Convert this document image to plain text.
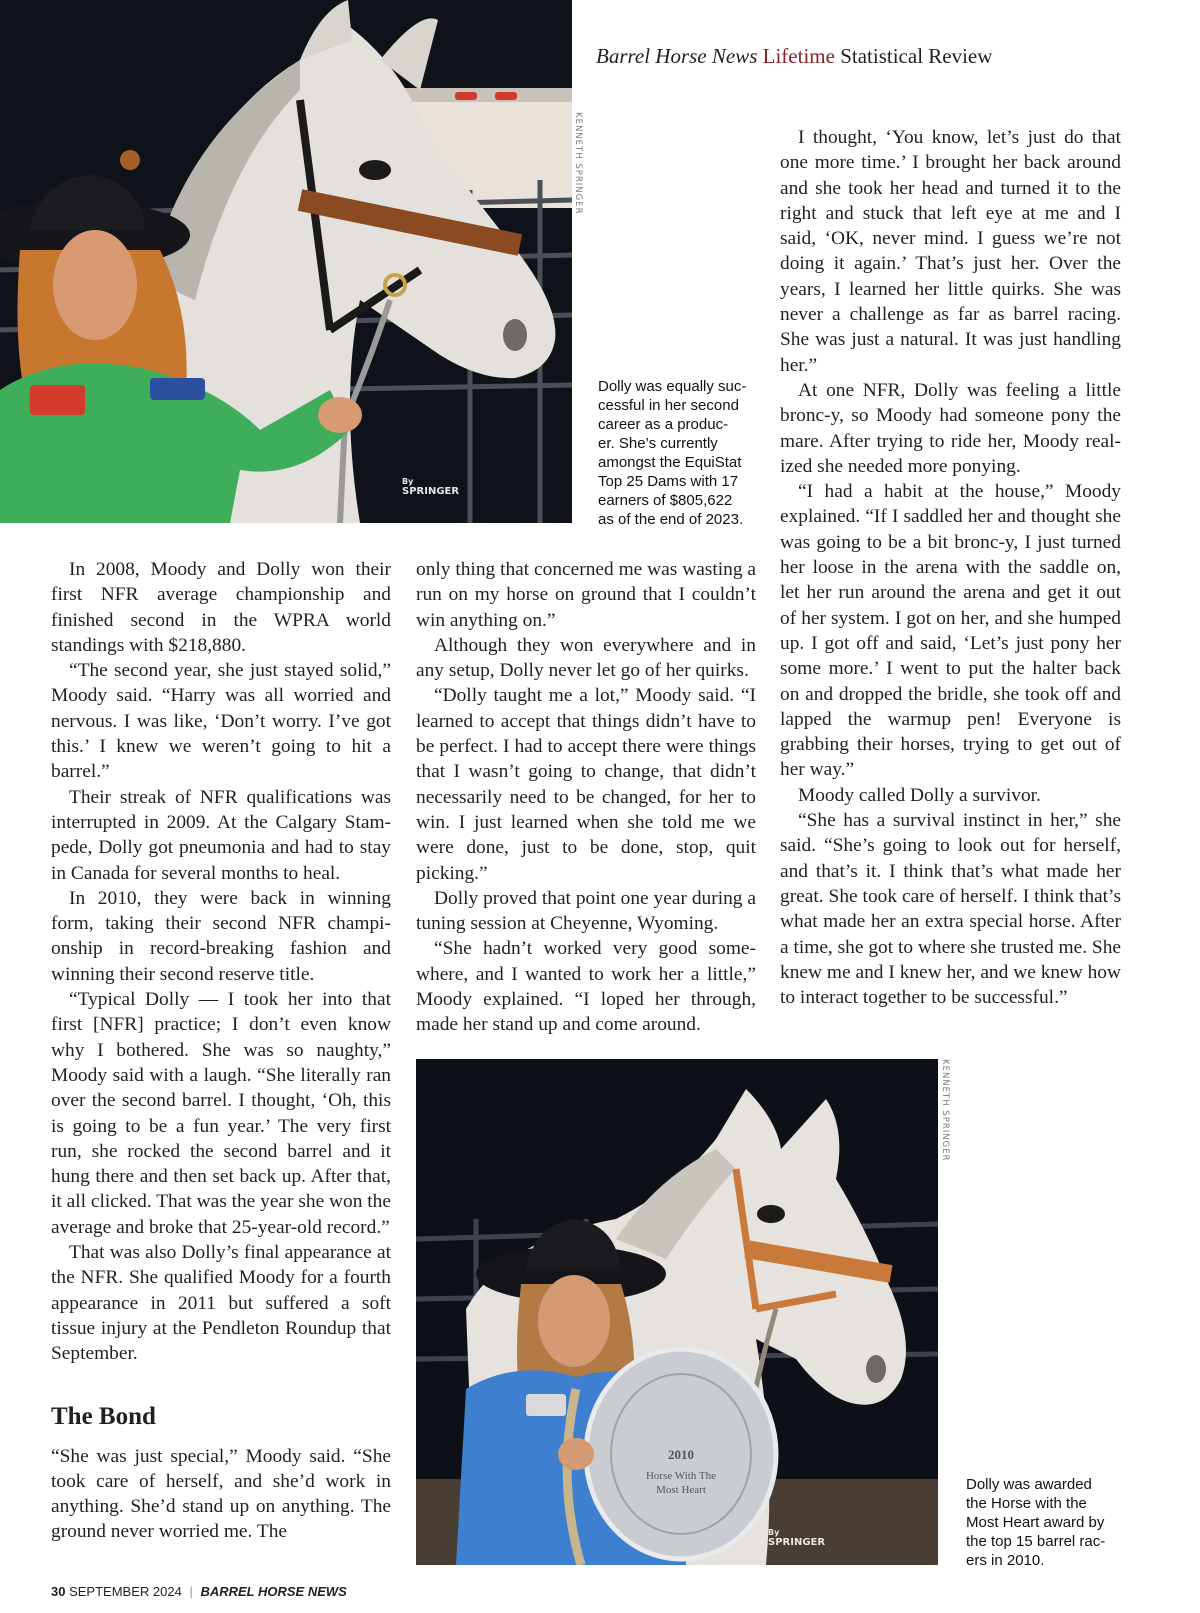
Barrel Horse News Lifetime Statistical Review
KENNETH SPRINGER
By
SPRINGER
Dolly was equally suc-
cessful in her second
career as a produc-
er. She’s currently
amongst the EquiStat
Top 25 Dams with 17
earners of $805,622
as of the end of 2023.

In 2008, Moody and Dolly won their first NFR average championship and finished second in the WPRA world standings with $218,880.

“The second year, she just stayed solid,” Moody said. “Harry was all worried and nervous. I was like, ‘Don’t worry. I’ve got this.’ I knew we weren’t going to hit a barrel.”

Their streak of NFR qualifications was interrupted in 2009. At the Calgary Stampede, Dolly got pneumonia and had to stay in Canada for several months to heal.

In 2010, they were back in winning form, taking their second NFR championship in record-breaking fashion and winning their second reserve title.

“Typical Dolly — I took her into that first [NFR] practice; I don’t even know why I bothered. She was so naughty,” Moody said with a laugh. “She literally ran over the second barrel. I thought, ‘Oh, this is going to be a fun year.’ The very first run, she rocked the second barrel and it hung there and then set back up. After that, it all clicked. That was the year she won the average and broke that 25-year-old record.”

That was also Dolly’s final appearance at the NFR. She qualified Moody for a fourth appearance in 2011 but suffered a soft tissue injury at the Pendleton Roundup that September.

The Bond

“She was just special,” Moody said. “She took care of herself, and she’d work in anything. She’d stand up on anything. The ground never worried me. The

only thing that concerned me was wasting a run on my horse on ground that I couldn’t win anything on.”

Although they won everywhere and in any setup, Dolly never let go of her quirks.

“Dolly taught me a lot,” Moody said. “I learned to accept that things didn’t have to be perfect. I had to accept there were things that I wasn’t going to change, that didn’t necessarily need to be changed, for her to win. I just learned when she told me we were done, just to be done, stop, quit picking.”

Dolly proved that point one year during a tuning session at Cheyenne, Wyoming.

“She hadn’t worked very good somewhere, and I wanted to work her a little,” Moody explained. “I loped her through, made her stand up and come around.

I thought, ‘You know, let’s just do that one more time.’ I brought her back around and she took her head and turned it to the right and stuck that left eye at me and I said, ‘OK, never mind. I guess we’re not doing it again.’ That’s just her. Over the years, I learned her little quirks. She was never a challenge as far as barrel racing. She was just a natural. It was just handling her.”

At one NFR, Dolly was feeling a little bronc-y, so Moody had someone pony the mare. After trying to ride her, Moody realized she needed more ponying.

“I had a habit at the house,” Moody explained. “If I saddled her and thought she was going to be a bit bronc-y, I just turned her loose in the arena with the saddle on, let her run around the arena and get it out of her system. I got on her, and she humped up. I got off and said, ‘Let’s just pony her some more.’ I went to put the halter back on and dropped the bridle, she took off and lapped the warmup pen! Everyone is grabbing their horses, trying to get out of her way.”

Moody called Dolly a survivor.

“She has a survival instinct in her,” she said. “She’s going to look out for herself, and that’s it. I think that’s what made her great. She took care of herself. I think that’s what made her an extra special horse. After a time, she got to where she trusted me. She knew me and I knew her, and we knew how to interact together to be successful.”

2010
Horse With The
Most Heart
KENNETH SPRINGER
By
SPRINGER
Dolly was awarded
the Horse with the
Most Heart award by
the top 15 barrel rac-
ers in 2010.
30 SEPTEMBER 2024 | BARREL HORSE NEWS
